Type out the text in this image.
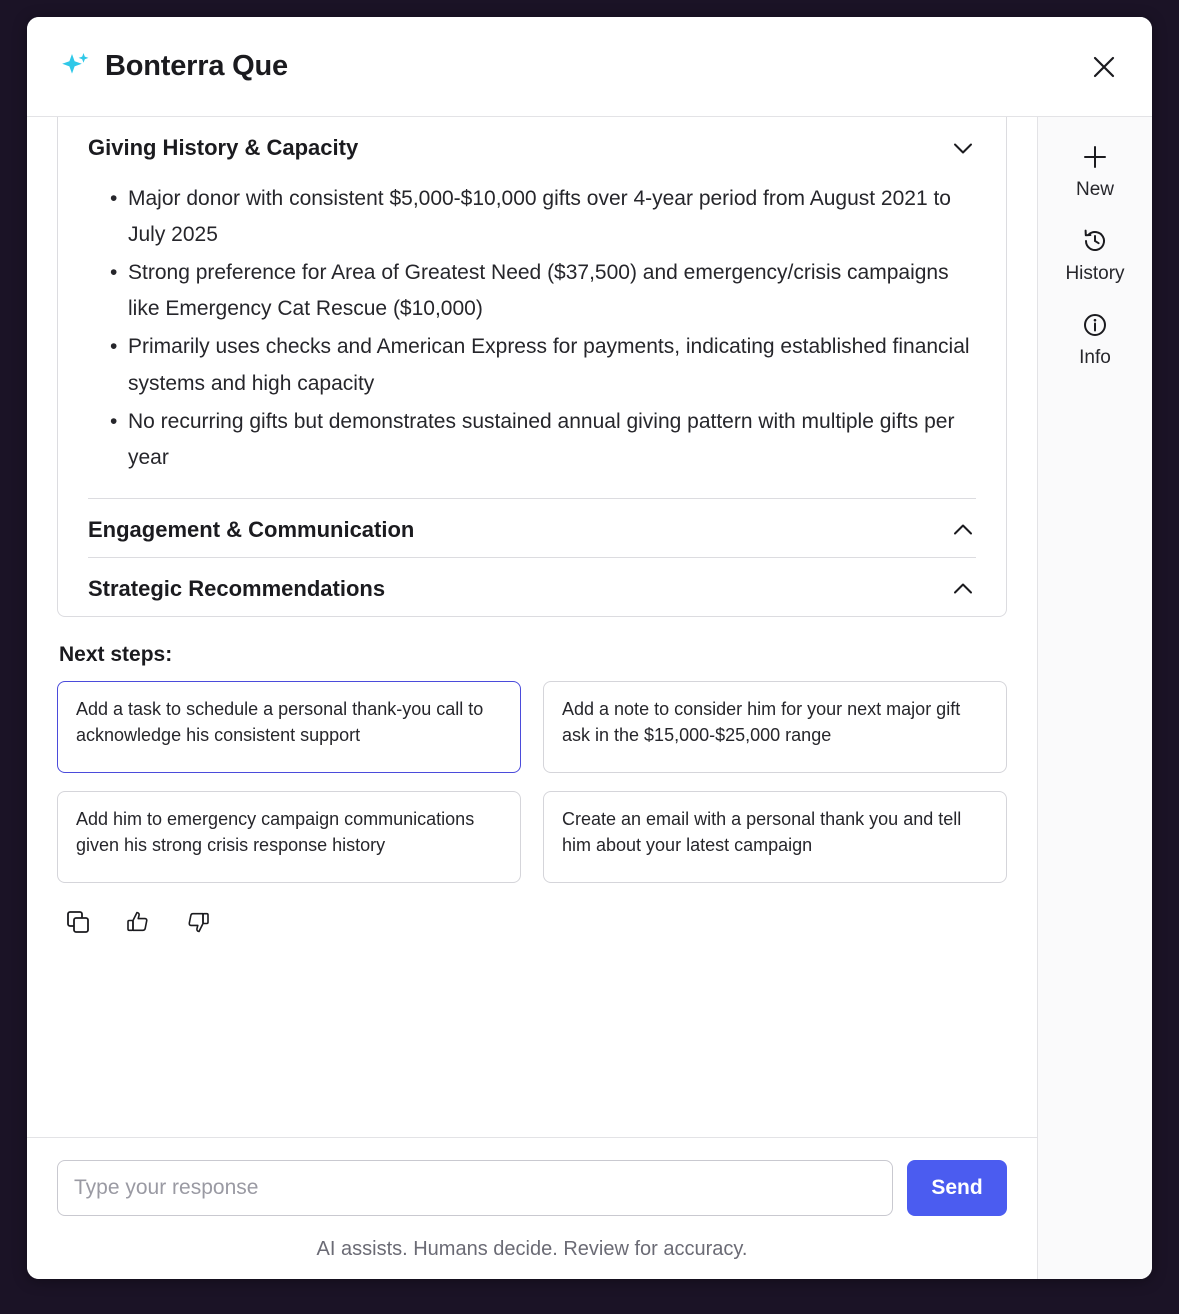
Bonterra Que
Giving History & Capacity
• Major donor with consistent $5,000-$10,000 gifts over 4-year period from August 2021 to July 2025
• Strong preference for Area of Greatest Need ($37,500) and emergency/crisis campaigns like Emergency Cat Rescue ($10,000)
• Primarily uses checks and American Express for payments, indicating established financial systems and high capacity
• No recurring gifts but demonstrates sustained annual giving pattern with multiple gifts per year
Engagement & Communication
Strategic Recommendations
Next steps:
Add a task to schedule a personal thank-you call to acknowledge his consistent support
Add a note to consider him for your next major gift ask in the $15,000-$25,000 range
Add him to emergency campaign communications given his strong crisis response history
Create an email with a personal thank you and tell him about your latest campaign
Type your response
Send
AI assists. Humans decide. Review for accuracy.
New
History
Info
